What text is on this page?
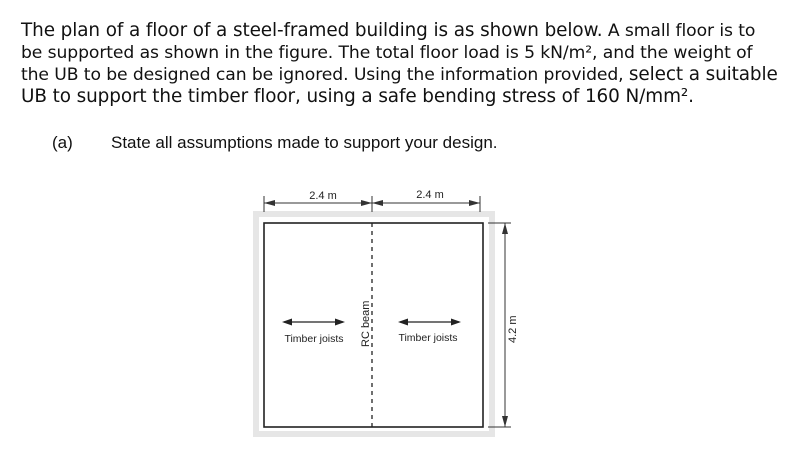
The plan of a floor of a steel-framed building is as shown below. A small floor is to
be supported as shown in the figure. The total floor load is 5 kN/m², and the weight of
the UB to be designed can be ignored. Using the information provided, select a suitable
UB to support the timber floor, using a safe bending stress of 160 N/mm².
(a) State all assumptions made to support your design.
2.4 m	2.4 m
RC beam
Timber joists	Timber joists	4.2 m
